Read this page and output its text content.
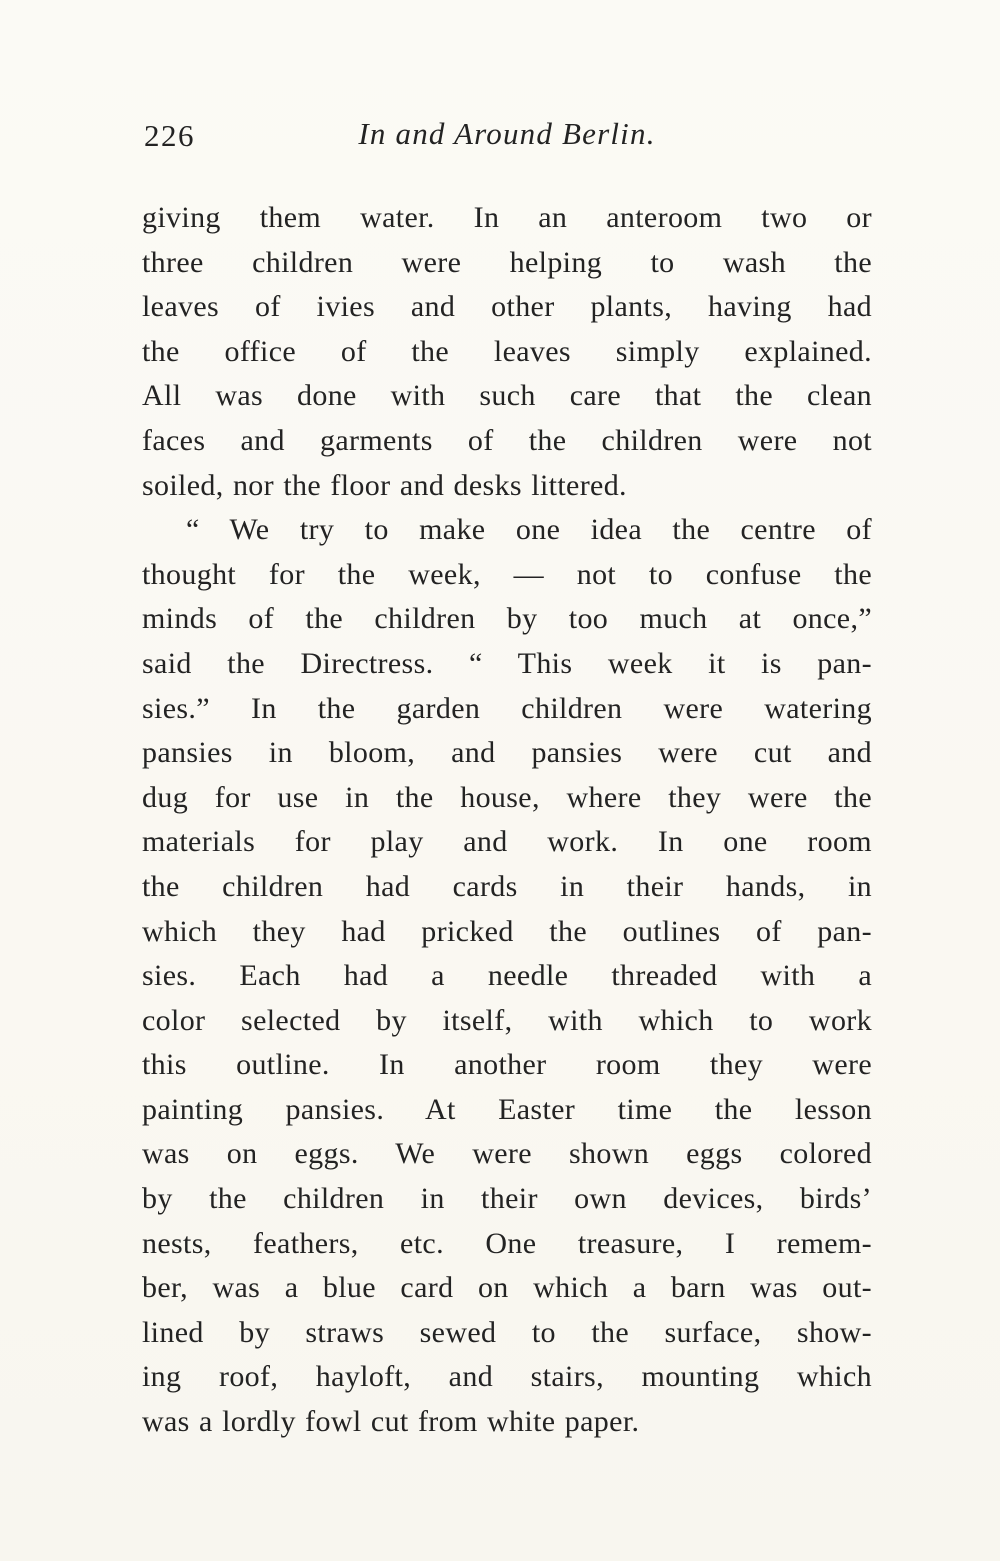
226	In and Around Berlin.
giving them water. In an anteroom two or
three children were helping to wash the
leaves of ivies and other plants, having had
the office of the leaves simply explained.
All was done with such care that the clean
faces and garments of the children were not
soiled, nor the floor and desks littered.
“ We try to make one idea the centre of
thought for the week, — not to confuse the
minds of the children by too much at once,”
said the Directress. “ This week it is pan-
sies.” In the garden children were watering
pansies in bloom, and pansies were cut and
dug for use in the house, where they were the
materials for play and work. In one room
the children had cards in their hands, in
which they had pricked the outlines of pan-
sies. Each had a needle threaded with a
color selected by itself, with which to work
this outline. In another room they were
painting pansies. At Easter time the lesson
was on eggs. We were shown eggs colored
by the children in their own devices, birds’
nests, feathers, etc. One treasure, I remem-
ber, was a blue card on which a barn was out-
lined by straws sewed to the surface, show-
ing roof, hayloft, and stairs, mounting which
was a lordly fowl cut from white paper.
